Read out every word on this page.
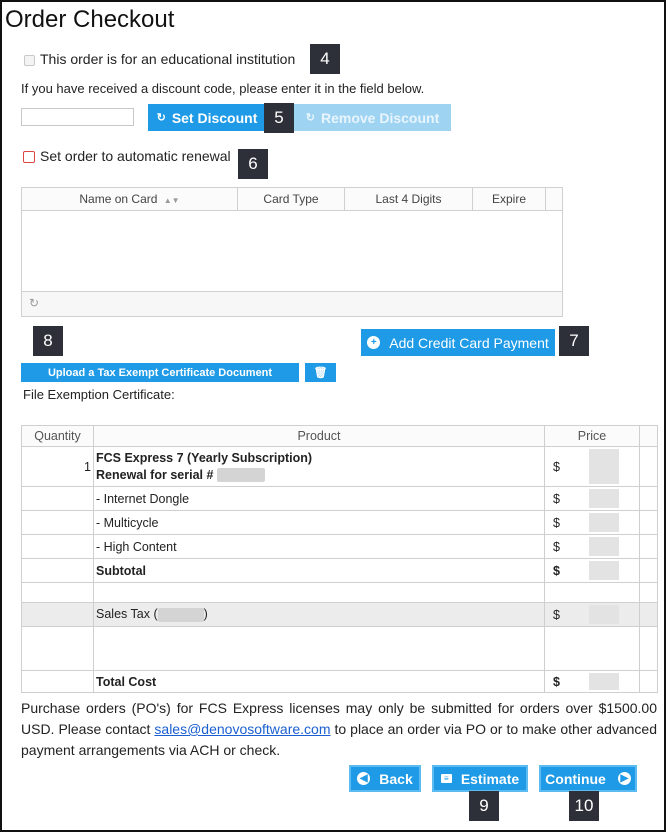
Order Checkout
This order is for an educational institution	4
If you have received a discount code, please enter it in the field below.
↻ Set Discount 5	↻ Remove Discount
Set order to automatic renewal	6
Name on Card ▲▼	Card Type	Last 4 Digits	Expire
↻
8	+ Add Credit Card Payment	7
Upload a Tax Exempt Certificate Document	🗑
File Exemption Certificate:
Quantity	Product	Price	
1	FCS Express 7 (Yearly Subscription)
Renewal for serial #	$

	- Internet Dongle	$

	- Multicycle	$

	- High Content	$

	Subtotal	$

	Sales Tax ( )	$

	Total Cost	$

Purchase orders (PO's) for FCS Express licenses may only be submitted for orders over $1500.00 USD. Please contact sales@denovosoftware.com to place an order via PO or to make other advanced payment arrangements via ACH or check.
◀ Back	≡ Estimate Continue ▶
9	10
